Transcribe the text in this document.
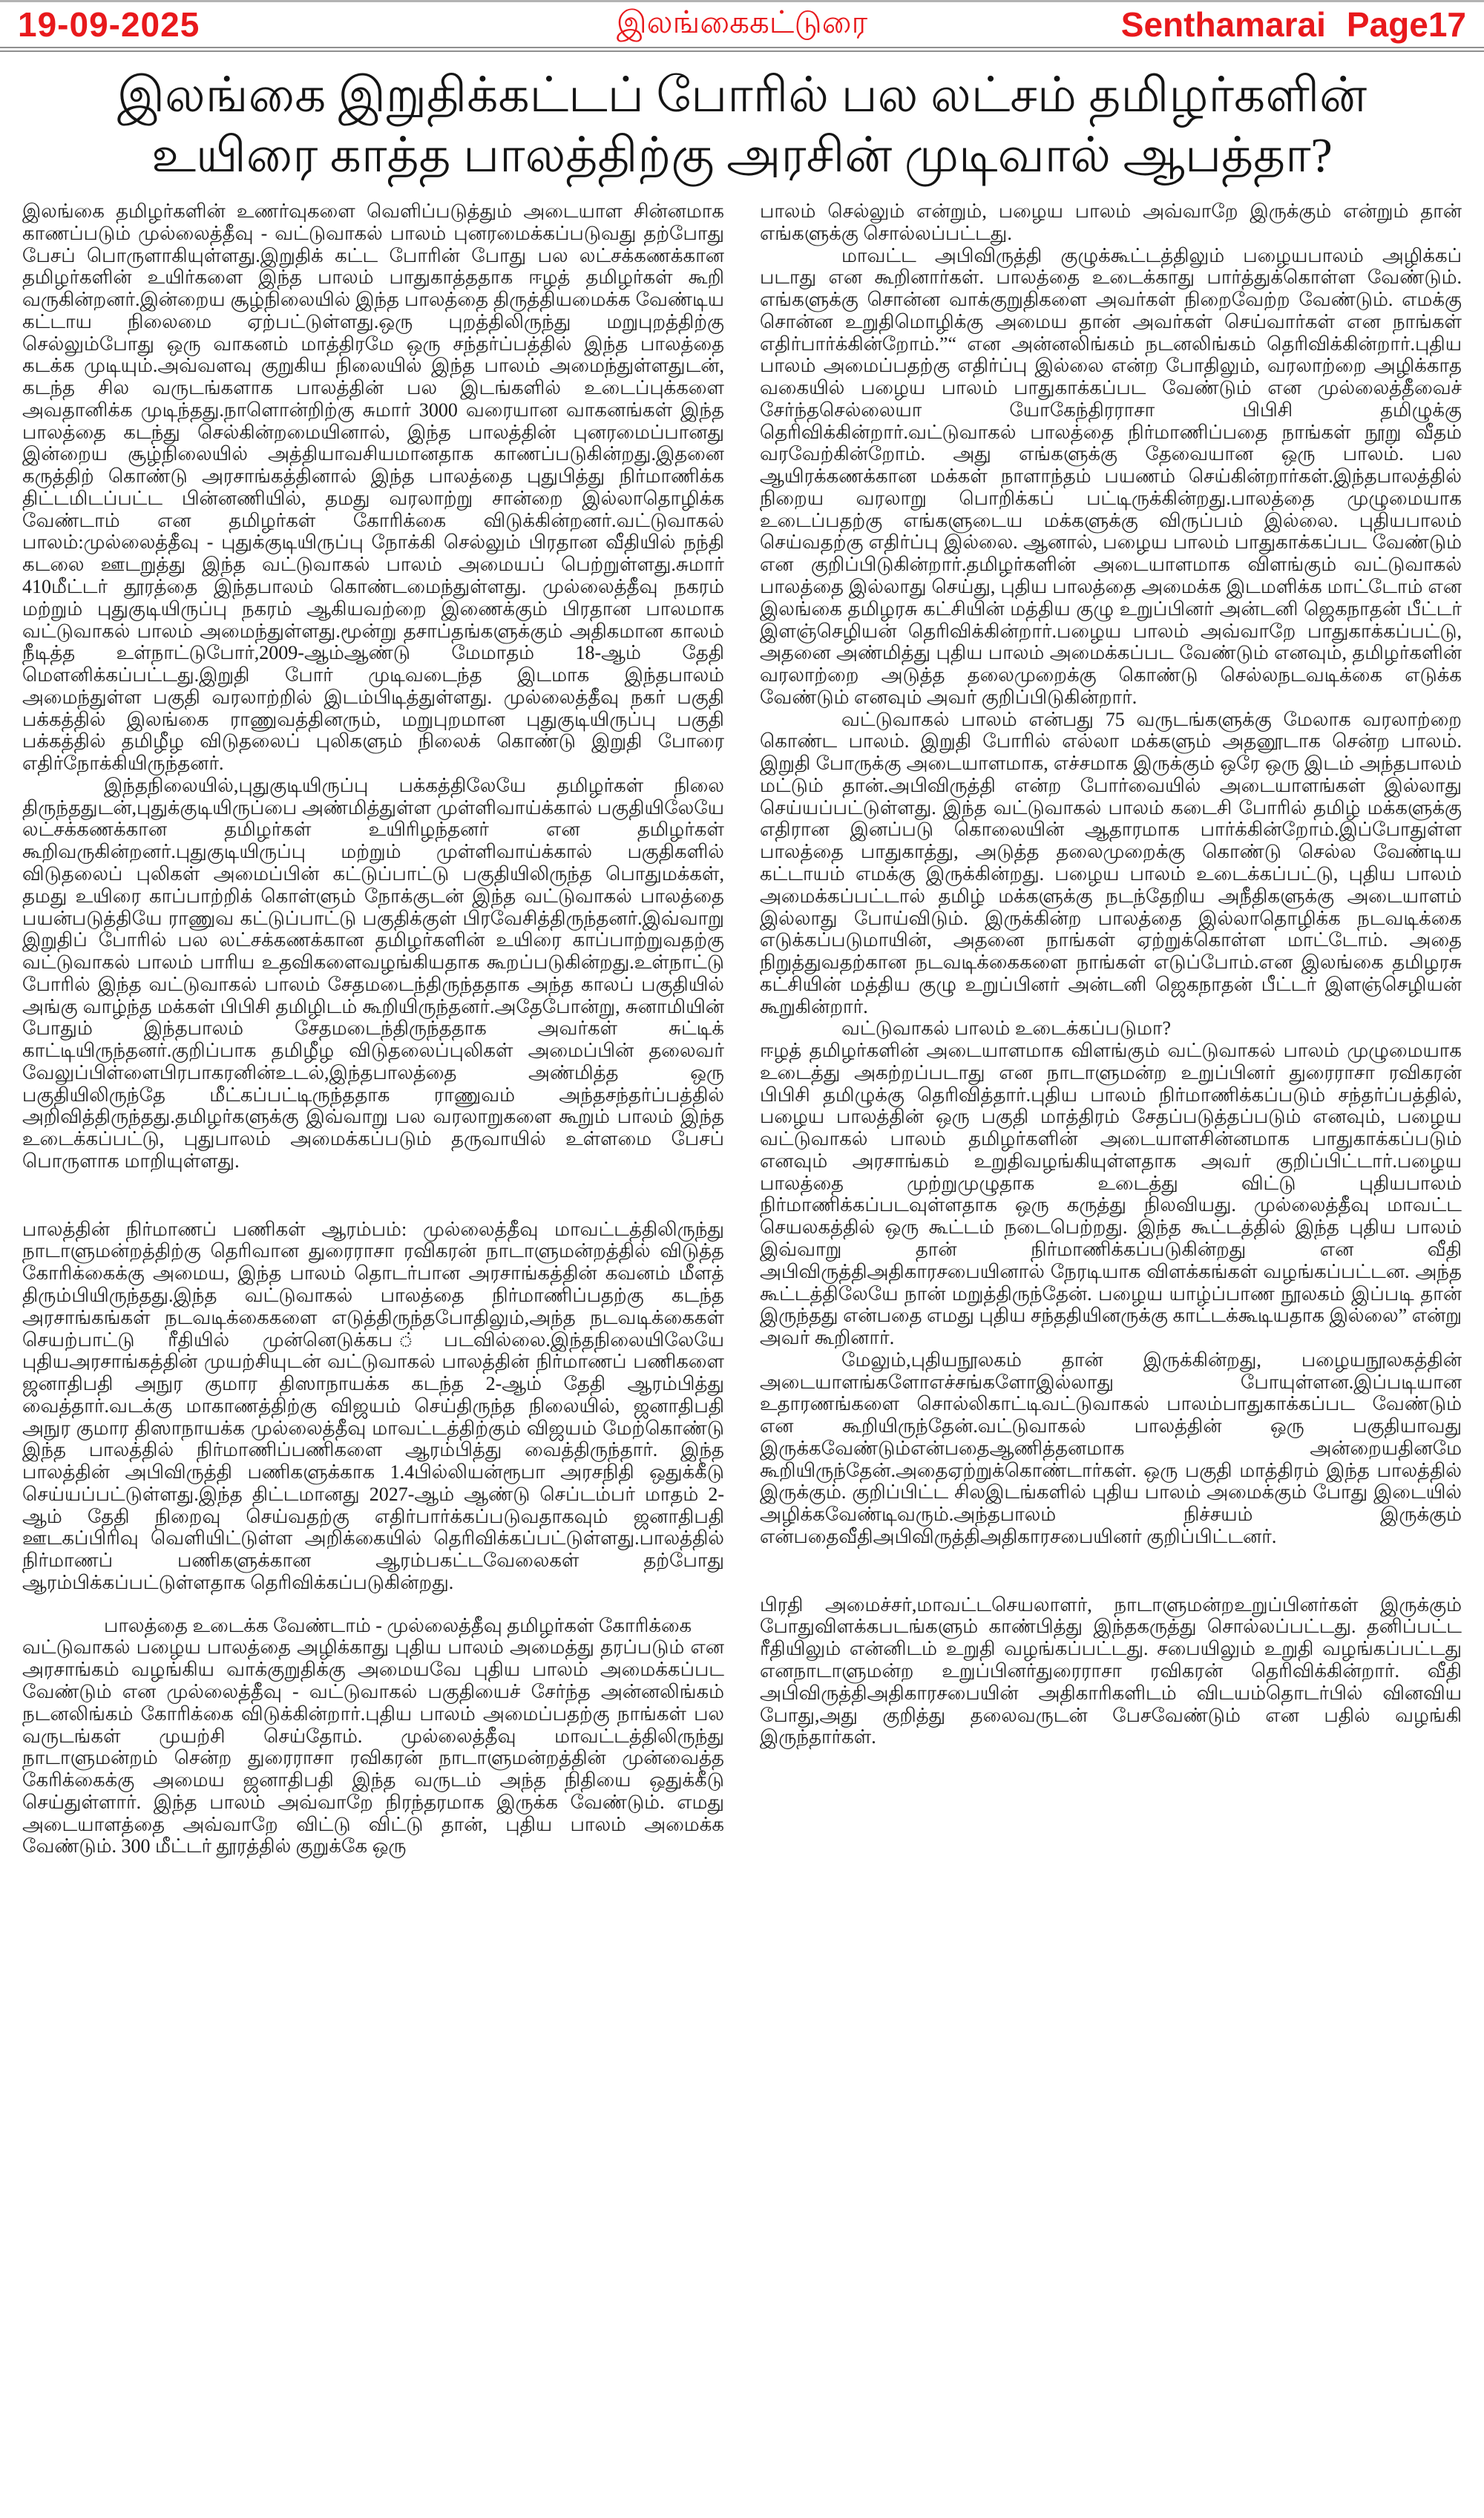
19-09-2025	இலங்கைகட்டுரை	Senthamarai Page17
இலங்கை இறுதிக்கட்டப் போரில் பல லட்சம் தமிழர்களின்
உயிரை காத்த பாலத்திற்கு அரசின் முடிவால் ஆபத்தா?

இலங்கை தமிழர்களின் உணர்வுகளை வெளிப்படுத்தும் அடையாள சின்னமாக காணப்படும் முல்லைத்தீவு - வட்டுவாகல் பாலம் புனரமைக்கப்படுவது தற்போது பேசப் பொருளாகியுள்ளது.இறுதிக் கட்ட போரின் போது பல லட்சக்கணக்கான தமிழர்களின் உயிர்களை இந்த பாலம் பாதுகாத்ததாக ஈழத் தமிழர்கள் கூறி வருகின்றனர்.இன்றைய சூழ்நிலையில் இந்த பாலத்தை திருத்தியமைக்க வேண்டிய கட்டாய நிலைமை ஏற்பட்டுள்ளது.ஒரு புறத்திலிருந்து மறுபுறத்திற்கு செல்லும்போது ஒரு வாகனம் மாத்திரமே ஒரு சந்தர்ப்பத்தில் இந்த பாலத்தை கடக்க முடியும்.அவ்வளவு குறுகிய நிலையில் இந்த பாலம் அமைந்துள்ளதுடன், கடந்த சில வருடங்களாக பாலத்தின் பல இடங்களில் உடைப்புக்களை அவதானிக்க முடிந்தது.நாளொன்றிற்கு சுமார் 3000 வரையான வாகனங்கள் இந்த பாலத்தை கடந்து செல்கின்றமையினால், இந்த பாலத்தின் புனரமைப்பானது இன்றைய சூழ்நிலையில் அத்தியாவசியமானதாக காணப்படுகின்றது.இதனை கருத்திற் கொண்டு அரசாங்கத்தினால் இந்த பாலத்தை புதுபித்து நிர்மாணிக்க திட்டமிடப்பட்ட பின்னணியில், தமது வரலாற்று சான்றை இல்லாதொழிக்க வேண்டாம் என தமிழர்கள் கோரிக்கை விடுக்கின்றனர்.வட்டுவாகல் பாலம்:முல்லைத்தீவு - புதுக்குடியிருப்பு நோக்கி செல்லும் பிரதான வீதியில் நந்தி கடலை ஊடறுத்து இந்த வட்டுவாகல் பாலம் அமையப் பெற்றுள்ளது.சுமார் 410மீட்டர் தூரத்தை இந்தபாலம் கொண்டமைந்துள்ளது. முல்லைத்தீவு நகரம் மற்றும் புதுகுடியிருப்பு நகரம் ஆகியவற்றை இணைக்கும் பிரதான பாலமாக வட்டுவாகல் பாலம் அமைந்துள்ளது.மூன்று தசாப்தங்களுக்கும் அதிகமான காலம் நீடித்த உள்நாட்டுபோர்,2009-ஆம்ஆண்டு மேமாதம் 18-ஆம் தேதி மௌனிக்கப்பட்டது.இறுதி போர் முடிவடைந்த இடமாக இந்தபாலம் அமைந்துள்ள பகுதி வரலாற்றில் இடம்பிடித்துள்ளது. முல்லைத்தீவு நகர் பகுதி பக்கத்தில் இலங்கை ராணுவத்தினரும், மறுபுறமான புதுகுடியிருப்பு பகுதி பக்கத்தில் தமிழீழ விடுதலைப் புலிகளும் நிலைக் கொண்டு இறுதி போரை எதிர்நோக்கியிருந்தனர்.

இந்தநிலையில்,புதுகுடியிருப்பு பக்கத்திலேயே தமிழர்கள் நிலை திருந்ததுடன்,புதுக்குடியிருப்பை அண்மித்துள்ள முள்ளிவாய்க்கால் பகுதியிலேயே லட்சக்கணக்கான தமிழர்கள் உயிரிழந்தனர் என தமிழர்கள் கூறிவருகின்றனர்.புதுகுடியிருப்பு மற்றும் முள்ளிவாய்க்கால் பகுதிகளில் விடுதலைப் புலிகள் அமைப்பின் கட்டுப்பாட்டு பகுதியிலிருந்த பொதுமக்கள், தமது உயிரை காப்பாற்றிக் கொள்ளும் நோக்குடன் இந்த வட்டுவாகல் பாலத்தை பயன்படுத்தியே ராணுவ கட்டுப்பாட்டு பகுதிக்குள் பிரவேசித்திருந்தனர்.இவ்வாறு இறுதிப் போரில் பல லட்சக்கணக்கான தமிழர்களின் உயிரை காப்பாற்றுவதற்கு வட்டுவாகல் பாலம் பாரிய உதவிகளைவழங்கியதாக கூறப்படுகின்றது.உள்நாட்டு போரில் இந்த வட்டுவாகல் பாலம் சேதமடைந்திருந்ததாக அந்த காலப் பகுதியில் அங்கு வாழ்ந்த மக்கள் பிபிசி தமிழிடம் கூறியிருந்தனர்.அதேபோன்று, சுனாமியின் போதும் இந்தபாலம் சேதமடைந்திருந்ததாக அவர்கள் சுட்டிக் காட்டியிருந்தனர்.குறிப்பாக தமிழீழ விடுதலைப்புலிகள் அமைப்பின் தலைவர் வேலுப்பிள்ளைபிரபாகரனின்உடல்,இந்தபாலத்தை அண்மித்த ஒரு பகுதியிலிருந்தே மீட்கப்பட்டிருந்ததாக ராணுவம் அந்தசந்தர்ப்பத்தில் அறிவித்திருந்தது.தமிழர்களுக்கு இவ்வாறு பல வரலாறுகளை கூறும் பாலம் இந்த உடைக்கப்பட்டு, புதுபாலம் அமைக்கப்படும் தருவாயில் உள்ளமை பேசப் பொருளாக மாறியுள்ளது.

பாலத்தின் நிர்மாணப் பணிகள் ஆரம்பம்: முல்லைத்தீவு மாவட்டத்திலிருந்து நாடாளுமன்றத்திற்கு தெரிவான துரைராசா ரவிகரன் நாடாளுமன்றத்தில் விடுத்த கோரிக்கைக்கு அமைய, இந்த பாலம் தொடர்பான அரசாங்கத்தின் கவனம் மீளத் திரும்பியிருந்தது.இந்த வட்டுவாகல் பாலத்தை நிர்மாணிப்பதற்கு கடந்த அரசாங்கங்கள் நடவடிக்கைகளை எடுத்திருந்தபோதிலும்,அந்த நடவடிக்கைகள் செயற்பாட்டு ரீதியில் முன்னெடுக்கப ்படவில்லை.இந்தநிலையிலேயே புதியஅரசாங்கத்தின் முயற்சியுடன் வட்டுவாகல் பாலத்தின் நிர்மாணப் பணிகளை ஜனாதிபதி அநுர குமார திஸாநாயக்க கடந்த 2-ஆம் தேதி ஆரம்பித்து வைத்தார்.வடக்கு மாகாணத்திற்கு விஜயம் செய்திருந்த நிலையில், ஜனாதிபதி அநுர குமார திஸாநாயக்க முல்லைத்தீவு மாவட்டத்திற்கும் விஜயம் மேற்கொண்டு இந்த பாலத்தில் நிர்மாணிப்பணிகளை ஆரம்பித்து வைத்திருந்தார். இந்த பாலத்தின் அபிவிருத்தி பணிகளுக்காக 1.4பில்லியன்ரூபா அரசநிதி ஒதுக்கீடு செய்யப்பட்டுள்ளது.இந்த திட்டமானது 2027-ஆம் ஆண்டு செப்டம்பர் மாதம் 2-ஆம் தேதி நிறைவு செய்வதற்கு எதிர்பார்க்கப்படுவதாகவும் ஜனாதிபதி ஊடகப்பிரிவு வெளியிட்டுள்ள அறிக்கையில் தெரிவிக்கப்பட்டுள்ளது.பாலத்தில் நிர்மாணப் பணிகளுக்கான ஆரம்பகட்டவேலைகள் தற்போது ஆரம்பிக்கப்பட்டுள்ளதாக தெரிவிக்கப்படுகின்றது.

பாலத்தை உடைக்க வேண்டாம் - முல்லைத்தீவு தமிழர்கள் கோரிக்கை

வட்டுவாகல் பழைய பாலத்தை அழிக்காது புதிய பாலம் அமைத்து தரப்படும் என அரசாங்கம் வழங்கிய வாக்குறுதிக்கு அமையவே புதிய பாலம் அமைக்கப்பட வேண்டும் என முல்லைத்தீவு - வட்டுவாகல் பகுதியைச் சேர்ந்த அன்னலிங்கம் நடனலிங்கம் கோரிக்கை விடுக்கின்றார்.புதிய பாலம் அமைப்பதற்கு நாங்கள் பல வருடங்கள் முயற்சி செய்தோம். முல்லைத்தீவு மாவட்டத்திலிருந்து நாடாளுமன்றம் சென்ற துரைராசா ரவிகரன் நாடாளுமன்றத்தின் முன்வைத்த கேரிக்கைக்கு அமைய ஜனாதிபதி இந்த வருடம் அந்த நிதியை ஒதுக்கீடு செய்துள்ளார். இந்த பாலம் அவ்வாறே நிரந்தரமாக இருக்க வேண்டும். எமது அடையாளத்தை அவ்வாறே விட்டு விட்டு தான், புதிய பாலம் அமைக்க வேண்டும். 300 மீட்டர் தூரத்தில் குறுக்கே ஒரு

பாலம் செல்லும் என்றும், பழைய பாலம் அவ்வாறே இருக்கும் என்றும் தான் எங்களுக்கு சொல்லப்பட்டது.

மாவட்ட அபிவிருத்தி குழுக்கூட்டத்திலும் பழையபாலம் அழிக்கப் படாது என கூறினார்கள். பாலத்தை உடைக்காது பார்த்துக்கொள்ள வேண்டும். எங்களுக்கு சொன்ன வாக்குறுதிகளை அவர்கள் நிறைவேற்ற வேண்டும். எமக்கு சொன்ன உறுதிமொழிக்கு அமைய தான் அவர்கள் செய்வார்கள் என நாங்கள் எதிர்பார்க்கின்றோம்.”“ என அன்னலிங்கம் நடனலிங்கம் தெரிவிக்கின்றார்.புதிய பாலம் அமைப்பதற்கு எதிர்ப்பு இல்லை என்ற போதிலும், வரலாற்றை அழிக்காத வகையில் பழைய பாலம் பாதுகாக்கப்பட வேண்டும் என முல்லைத்தீவைச் சேர்ந்தசெல்லையா யோகேந்திரராசா பிபிசி தமிழுக்கு தெரிவிக்கின்றார்.வட்டுவாகல் பாலத்தை நிர்மாணிப்பதை நாங்கள் நூறு வீதம் வரவேற்கின்றோம். அது எங்களுக்கு தேவையான ஒரு பாலம். பல ஆயிரக்கணக்கான மக்கள் நாளாந்தம் பயணம் செய்கின்றார்கள்.இந்தபாலத்தில் நிறைய வரலாறு பொறிக்கப் பட்டிருக்கின்றது.பாலத்தை முழுமையாக உடைப்பதற்கு எங்களுடைய மக்களுக்கு விருப்பம் இல்லை. புதியபாலம் செய்வதற்கு எதிர்ப்பு இல்லை. ஆனால், பழைய பாலம் பாதுகாக்கப்பட வேண்டும் என குறிப்பிடுகின்றார்.தமிழர்களின் அடையாளமாக விளங்கும் வட்டுவாகல் பாலத்தை இல்லாது செய்து, புதிய பாலத்தை அமைக்க இடமளிக்க மாட்டோம் என இலங்கை தமிழரசு கட்சியின் மத்திய குழு உறுப்பினர் அன்டனி ஜெகநாதன் பீட்டர் இளஞ்செழியன் தெரிவிக்கின்றார்.பழைய பாலம் அவ்வாறே பாதுகாக்கப்பட்டு, அதனை அண்மித்து புதிய பாலம் அமைக்கப்பட வேண்டும் எனவும், தமிழர்களின் வரலாற்றை அடுத்த தலைமுறைக்கு கொண்டு செல்லநடவடிக்கை எடுக்க வேண்டும் எனவும் அவர் குறிப்பிடுகின்றார்.

வட்டுவாகல் பாலம் என்பது 75 வருடங்களுக்கு மேலாக வரலாற்றை கொண்ட பாலம். இறுதி போரில் எல்லா மக்களும் அதனூடாக சென்ற பாலம். இறுதி போருக்கு அடையாளமாக, எச்சமாக இருக்கும் ஒரே ஒரு இடம் அந்தபாலம் மட்டும் தான்.அபிவிருத்தி என்ற போர்வையில் அடையாளங்கள் இல்லாது செய்யப்பட்டுள்ளது. இந்த வட்டுவாகல் பாலம் கடைசி போரில் தமிழ் மக்களுக்கு எதிரான இனப்படு கொலையின் ஆதாரமாக பார்க்கின்றோம்.இப்போதுள்ள பாலத்தை பாதுகாத்து, அடுத்த தலைமுறைக்கு கொண்டு செல்ல வேண்டிய கட்டாயம் எமக்கு இருக்கின்றது. பழைய பாலம் உடைக்கப்பட்டு, புதிய பாலம் அமைக்கப்பட்டால் தமிழ் மக்களுக்கு நடந்தேறிய அநீதிகளுக்கு அடையாளம் இல்லாது போய்விடும். இருக்கின்ற பாலத்தை இல்லாதொழிக்க நடவடிக்கை எடுக்கப்படுமாயின், அதனை நாங்கள் ஏற்றுக்கொள்ள மாட்டோம். அதை நிறுத்துவதற்கான நடவடிக்கைகளை நாங்கள் எடுப்போம்.என இலங்கை தமிழரசு கட்சியின் மத்திய குழு உறுப்பினர் அன்டனி ஜெகநாதன் பீட்டர் இளஞ்செழியன் கூறுகின்றார்.

வட்டுவாகல் பாலம் உடைக்கப்படுமா?

ஈழத் தமிழர்களின் அடையாளமாக விளங்கும் வட்டுவாகல் பாலம் முழுமையாக உடைத்து அகற்றப்படாது என நாடாளுமன்ற உறுப்பினர் துரைராசா ரவிகரன் பிபிசி தமிழுக்கு தெரிவித்தார்.புதிய பாலம் நிர்மாணிக்கப்படும் சந்தர்ப்பத்தில், பழைய பாலத்தின் ஒரு பகுதி மாத்திரம் சேதப்படுத்தப்படும் எனவும், பழைய வட்டுவாகல் பாலம் தமிழர்களின் அடையாளசின்னமாக பாதுகாக்கப்படும் எனவும் அரசாங்கம் உறுதிவழங்கியுள்ளதாக அவர் குறிப்பிட்டார்.பழைய பாலத்தை முற்றுமுழுதாக உடைத்து விட்டு புதியபாலம் நிர்மாணிக்கப்படவுள்ளதாக ஒரு கருத்து நிலவியது. முல்லைத்தீவு மாவட்ட செயலகத்தில் ஒரு கூட்டம் நடைபெற்றது. இந்த கூட்டத்தில் இந்த புதிய பாலம் இவ்வாறு தான் நிர்மாணிக்கப்படுகின்றது என வீதி அபிவிருத்திஅதிகாரசபையினால் நேரடியாக விளக்கங்கள் வழங்கப்பட்டன. அந்த கூட்டத்திலேயே நான் மறுத்திருந்தேன். பழைய யாழ்ப்பாண நூலகம் இப்படி தான் இருந்தது என்பதை எமது புதிய சந்ததியினருக்கு காட்டக்கூடியதாக இல்லை” என்று அவர் கூறினார்.

மேலும்,புதியநூலகம் தான் இருக்கின்றது, பழையநூலகத்தின் அடையாளங்களோஎச்சங்களோஇல்லாது போயுள்ளன.இப்படியான உதாரணங்களை சொல்லிகாட்டிவட்டுவாகல் பாலம்பாதுகாக்கப்பட வேண்டும் என கூறியிருந்தேன்.வட்டுவாகல் பாலத்தின் ஒரு பகுதியாவது இருக்கவேண்டும்என்பதைஆணித்தனமாக அன்றையதினமே கூறியிருந்தேன்.அதைஏற்றுக்கொண்டார்கள். ஒரு பகுதி மாத்திரம் இந்த பாலத்தில் இருக்கும். குறிப்பிட்ட சிலஇடங்களில் புதிய பாலம் அமைக்கும் போது இடையில் அழிக்கவேண்டிவரும்.அந்தபாலம் நிச்சயம் இருக்கும் என்பதைவீதிஅபிவிருத்திஅதிகாரசபையினர் குறிப்பிட்டனர்.

பிரதி அமைச்சர்,மாவட்டசெயலாளர், நாடாளுமன்றஉறுப்பினர்கள் இருக்கும் போதுவிளக்கபடங்களும் காண்பித்து இந்தகருத்து சொல்லப்பட்டது. தனிப்பட்ட ரீதியிலும் என்னிடம் உறுதி வழங்கப்பட்டது. சபையிலும் உறுதி வழங்கப்பட்டது எனநாடாளுமன்ற உறுப்பினர்துரைராசா ரவிகரன் தெரிவிக்கின்றார். வீதி அபிவிருத்திஅதிகாரசபையின் அதிகாரிகளிடம் விடயம்தொடர்பில் வினவிய போது,அது குறித்து தலைவருடன் பேசவேண்டும் என பதில் வழங்கி இருந்தார்கள்.
